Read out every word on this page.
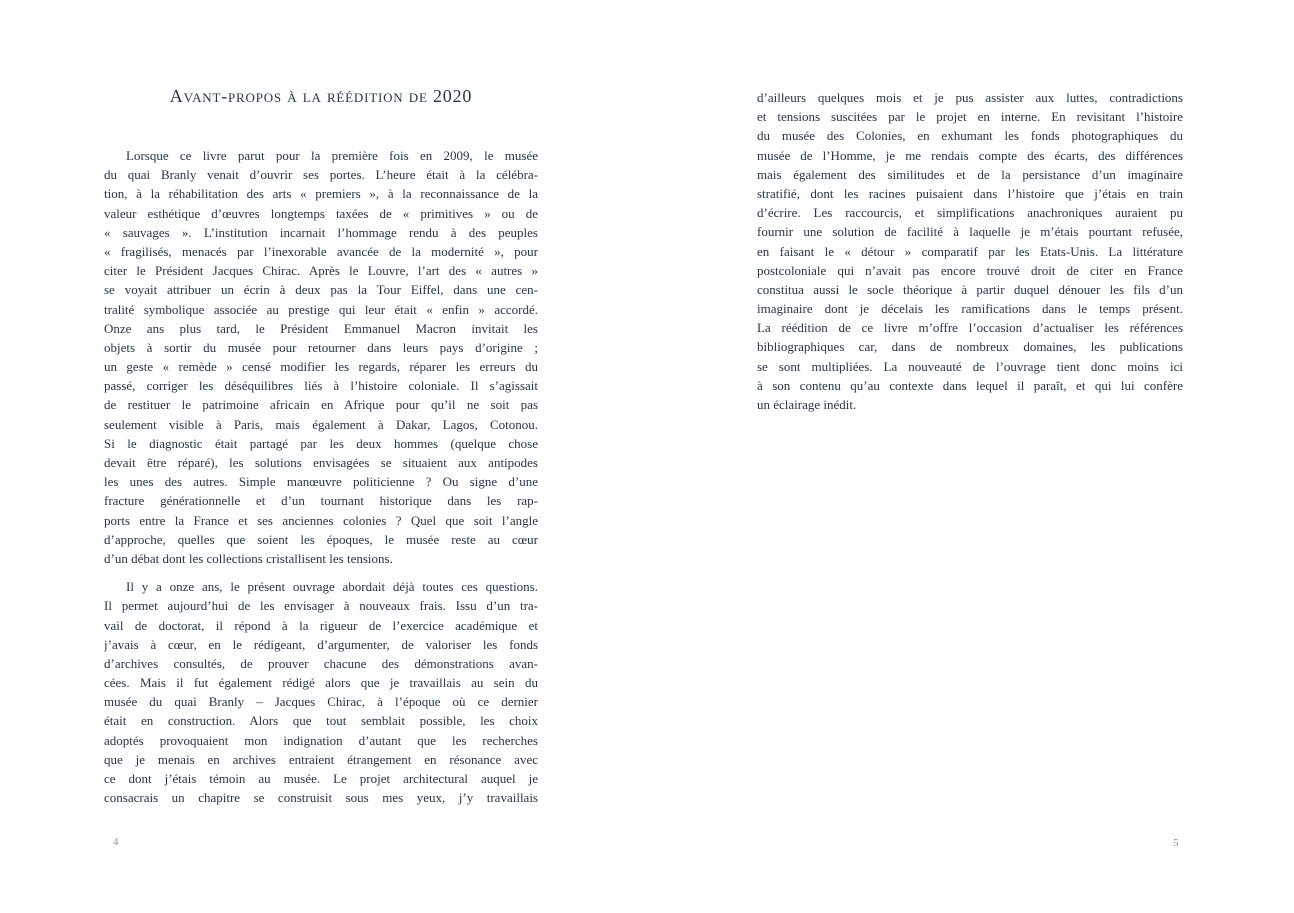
Avant-propos à la réédition de 2020

Lorsque ce livre parut pour la première fois en 2009, le musée
du quai Branly venait d’ouvrir ses portes. L’heure était à la célébra-
tion, à la réhabilitation des arts « premiers », à la reconnaissance de la
valeur esthétique d’œuvres longtemps taxées de « primitives » ou de
« sauvages ». L’institution incarnait l’hommage rendu à des peuples
« fragilisés, menacés par l’inexorable avancée de la modernité », pour
citer le Président Jacques Chirac. Après le Louvre, l’art des « autres »
se voyait attribuer un écrin à deux pas la Tour Eiffel, dans une cen-
tralité symbolique associée au prestige qui leur était « enfin » accordé.
Onze ans plus tard, le Président Emmanuel Macron invitait les
objets à sortir du musée pour retourner dans leurs pays d’origine ;
un geste « remède » censé modifier les regards, réparer les erreurs du
passé, corriger les déséquilibres liés à l’histoire coloniale. Il s’agissait
de restituer le patrimoine africain en Afrique pour qu’il ne soit pas
seulement visible à Paris, mais également à Dakar, Lagos, Cotonou.
Si le diagnostic était partagé par les deux hommes (quelque chose
devait être réparé), les solutions envisagées se situaient aux antipodes
les unes des autres. Simple manœuvre politicienne ? Ou signe d’une
fracture générationnelle et d’un tournant historique dans les rap-
ports entre la France et ses anciennes colonies ? Quel que soit l’angle
d’approche, quelles que soient les époques, le musée reste au cœur
d’un débat dont les collections cristallisent les tensions.

Il y a onze ans, le présent ouvrage abordait déjà toutes ces questions.
Il permet aujourd’hui de les envisager à nouveaux frais. Issu d’un tra-
vail de doctorat, il répond à la rigueur de l’exercice académique et
j’avais à cœur, en le rédigeant, d’argumenter, de valoriser les fonds
d’archives consultés, de prouver chacune des démonstrations avan-
cées. Mais il fut également rédigé alors que je travaillais au sein du
musée du quai Branly – Jacques Chirac, à l’époque où ce dernier
était en construction. Alors que tout semblait possible, les choix
adoptés provoquaient mon indignation d’autant que les recherches
que je menais en archives entraient étrangement en résonance avec
ce dont j’étais témoin au musée. Le projet architectural auquel je
consacrais un chapitre se construisit sous mes yeux, j’y travaillais

d’ailleurs quelques mois et je pus assister aux luttes, contradictions
et tensions suscitées par le projet en interne. En revisitant l’histoire
du musée des Colonies, en exhumant les fonds photographiques du
musée de l’Homme, je me rendais compte des écarts, des différences
mais également des similitudes et de la persistance d’un imaginaire
stratifié, dont les racines puisaient dans l’histoire que j’étais en train
d’écrire. Les raccourcis, et simplifications anachroniques auraient pu
fournir une solution de facilité à laquelle je m’étais pourtant refusée,
en faisant le « détour » comparatif par les Etats-Unis. La littérature
postcoloniale qui n’avait pas encore trouvé droit de citer en France
constitua aussi le socle théorique à partir duquel dénouer les fils d’un
imaginaire dont je décelais les ramifications dans le temps présent.
La réédition de ce livre m’offre l’occasion d’actualiser les références
bibliographiques car, dans de nombreux domaines, les publications
se sont multipliées. La nouveauté de l’ouvrage tient donc moins ici
à son contenu qu’au contexte dans lequel il paraît, et qui lui confère
un éclairage inédit.

4	5
